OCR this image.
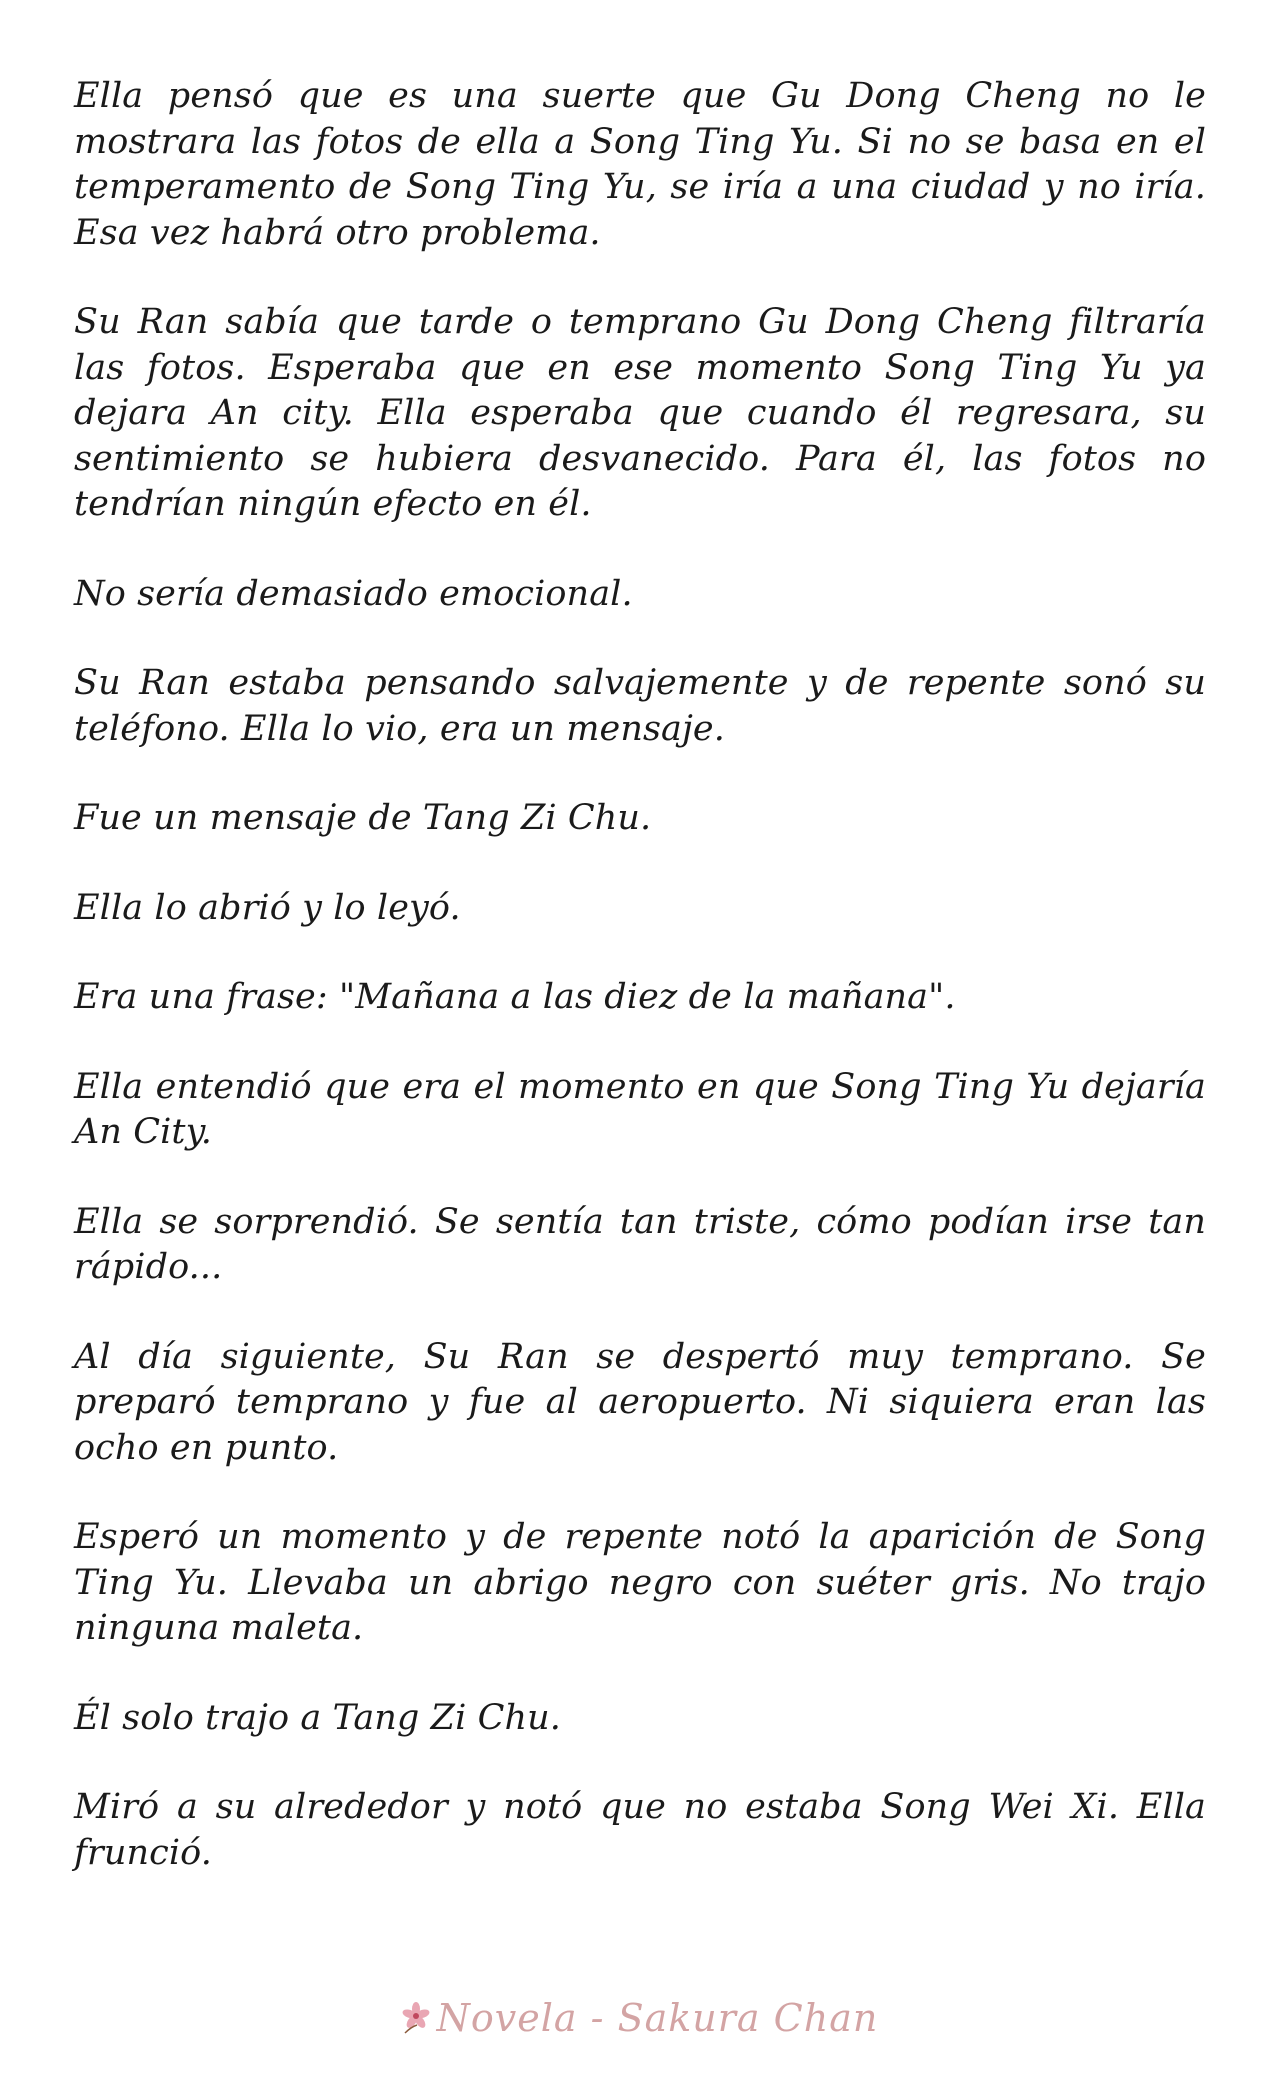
Ella pensó que es una suerte que Gu Dong Cheng no le mostrara las fotos de ella a Song Ting Yu. Si no se basa en el temperamento de Song Ting Yu, se iría a una ciudad y no iría. Esa vez habrá otro problema.

Su Ran sabía que tarde o temprano Gu Dong Cheng filtraría las fotos. Esperaba que en ese momento Song Ting Yu ya dejara An city. Ella esperaba que cuando él regresara, su sentimiento se hubiera desvanecido. Para él, las fotos no tendrían ningún efecto en él.

No sería demasiado emocional.

Su Ran estaba pensando salvajemente y de repente sonó su teléfono. Ella lo vio, era un mensaje.

Fue un mensaje de Tang Zi Chu.

Ella lo abrió y lo leyó.

Era una frase: "Mañana a las diez de la mañana".

Ella entendió que era el momento en que Song Ting Yu dejaría An City.

Ella se sorprendió. Se sentía tan triste, cómo podían irse tan rápido...

Al día siguiente, Su Ran se despertó muy temprano. Se preparó temprano y fue al aeropuerto. Ni siquiera eran las ocho en punto.

Esperó un momento y de repente notó la aparición de Song Ting Yu. Llevaba un abrigo negro con suéter gris. No trajo ninguna maleta.

Él solo trajo a Tang Zi Chu.

Miró a su alrededor y notó que no estaba Song Wei Xi. Ella frunció.

Novela - Sakura Chan
